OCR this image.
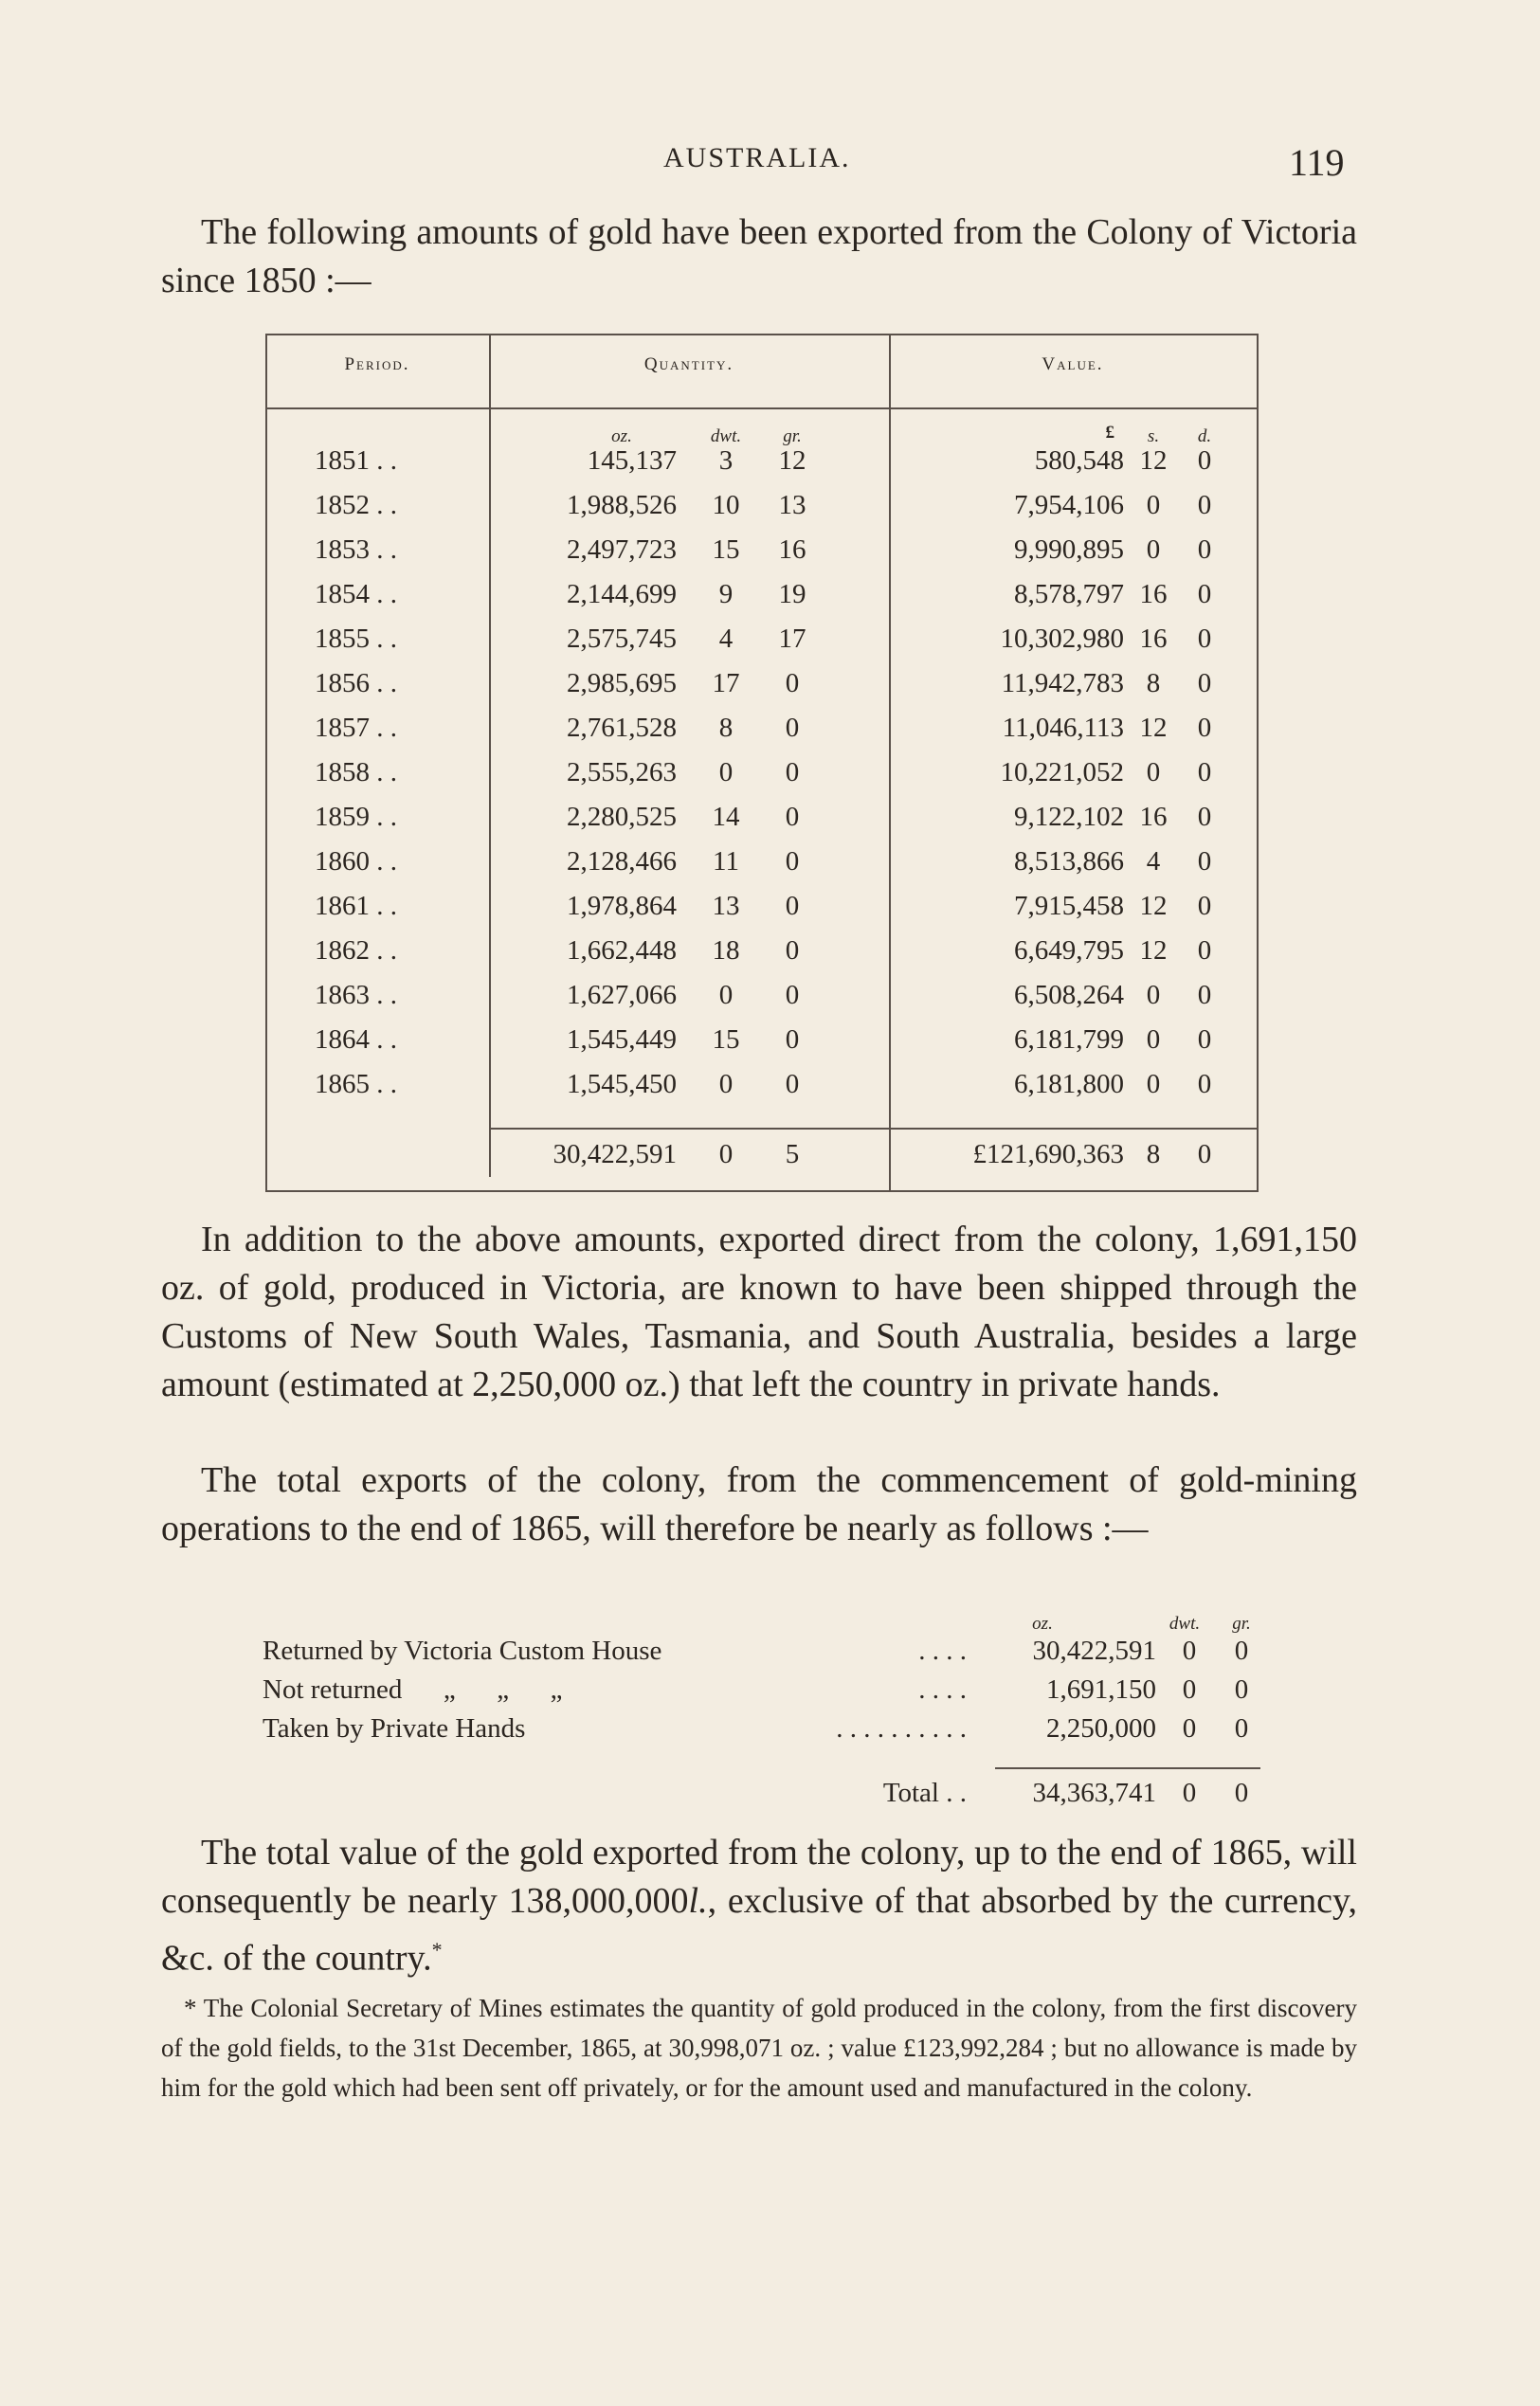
AUSTRALIA.	119
The following amounts of gold have been exported from the Colony of Victoria since 1850 :—
Period.	Quantity.	Value.
oz.	dwt.	gr.	£	s.	d.
1851 . .	145,137	3	12	580,548 12	0
1852 . .	1,988,526	10	13	7,954,106 0	0
1853 . .	2,497,723	15	16	9,990,895 0	0
1854 . .	2,144,699	9	19	8,578,797 16	0
1855 . .	2,575,745	4	17	10,302,980 16	0
1856 . .	2,985,695	17	0	11,942,783 8	0
1857 . .	2,761,528	8	0	11,046,113 12	0
1858 . .	2,555,263	0	0	10,221,052 0	0
1859 . .	2,280,525	14	0	9,122,102 16	0
1860 . .	2,128,466	11	0	8,513,866 4	0
1861 . .	1,978,864	13	0	7,915,458 12	0
1862 . .	1,662,448	18	0	6,649,795 12	0
1863 . .	1,627,066	0	0	6,508,264 0	0
1864 . .	1,545,449	15	0	6,181,799 0	0
1865 . .	1,545,450	0	0	6,181,800 0	0
30,422,591	0	5	£121,690,363 8	0
In addition to the above amounts, exported direct from the colony, 1,691,150 oz. of gold, produced in Victoria, are known to have been shipped through the Customs of New South Wales, Tasmania, and South Australia, besides a large amount (estimated at 2,250,000 oz.) that left the country in private hands.
The total exports of the colony, from the commencement of gold-mining operations to the end of 1865, will therefore be nearly as follows :—
oz.	dwt.	gr.
Returned by Victoria Custom House	. . . .	30,422,591 0	0
Not returned      „      „      „	. . . .	1,691,150 0	0
Taken by Private Hands	. . . . . . . . . .	2,250,000 0	0
Total . .	34,363,741 0	0
The total value of the gold exported from the colony, up to the end of 1865, will consequently be nearly 138,000,000l., exclusive of that absorbed by the currency, &c. of the country.*
* The Colonial Secretary of Mines estimates the quantity of gold produced in the colony, from the first discovery of the gold fields, to the 31st December, 1865, at 30,998,071 oz. ; value £123,992,284 ; but no allowance is made by him for the gold which had been sent off privately, or for the amount used and manufactured in the colony.
